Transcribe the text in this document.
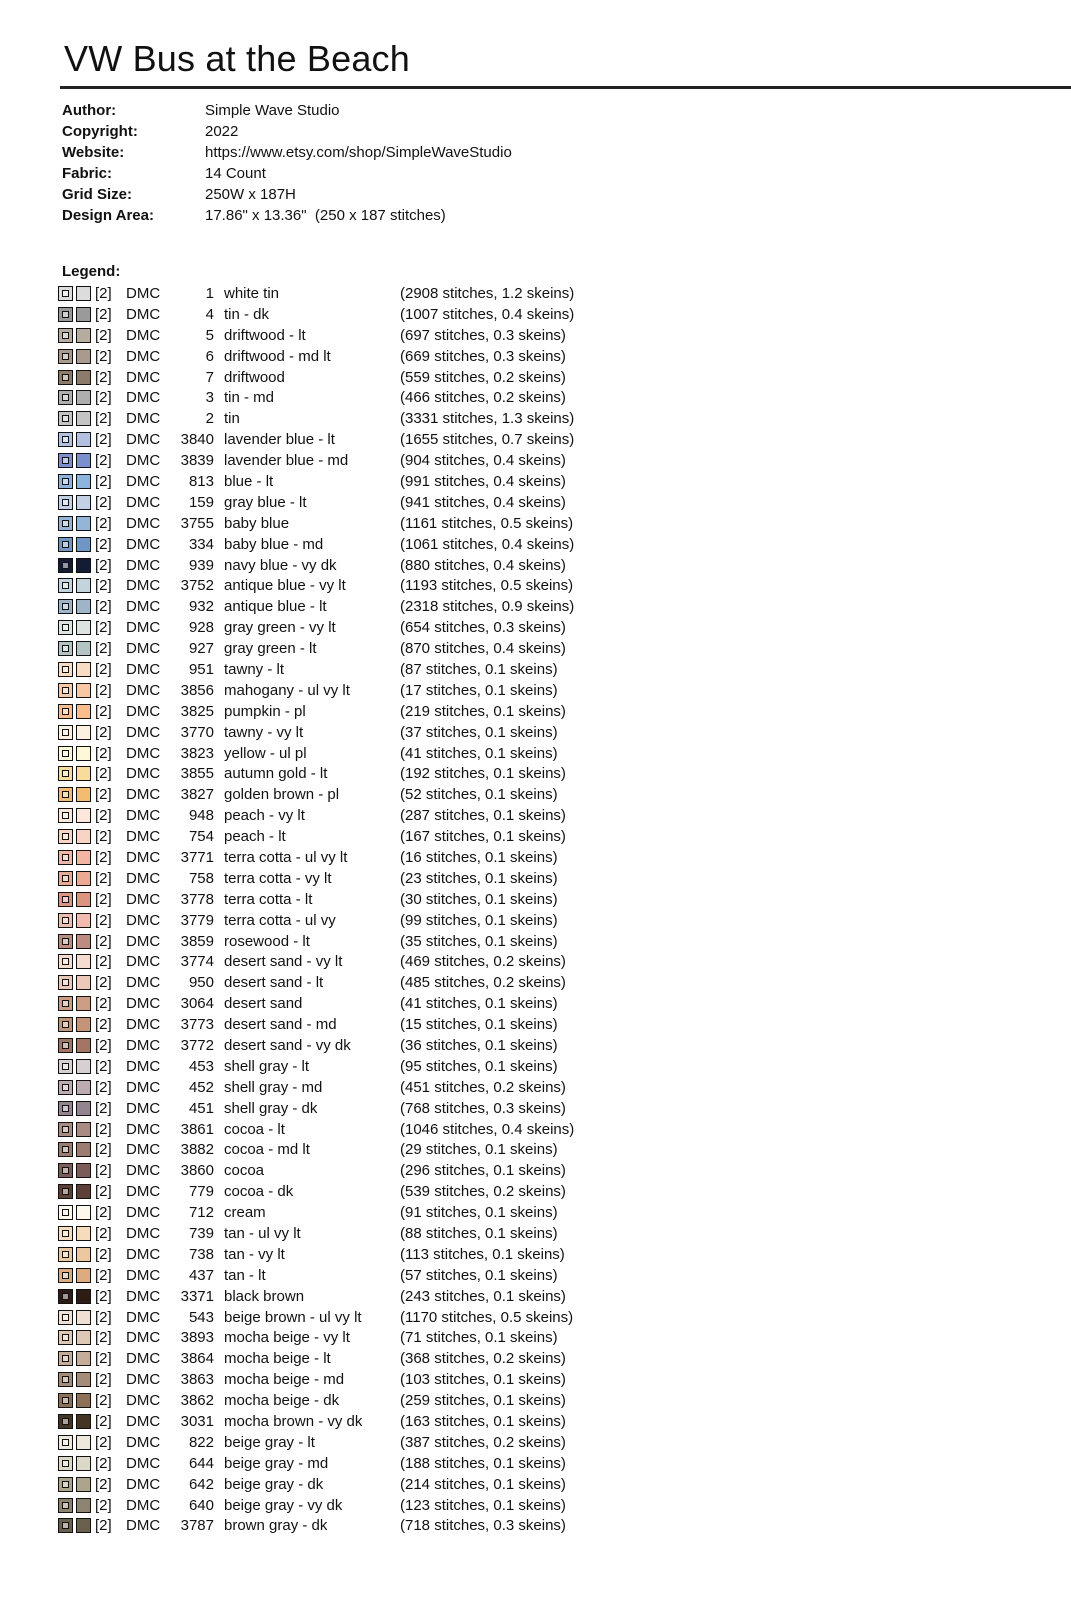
VW Bus at the Beach
Author:	Simple Wave Studio
Copyright:	2022
Website:	https://www.etsy.com/shop/SimpleWaveStudio
Fabric:	14 Count
Grid Size:	250W x 187H
Design Area:	17.86" x 13.36"  (250 x 187 stitches)
Legend:
[2] DMC	1 white tin	(2908 stitches, 1.2 skeins)
[2] DMC	4 tin - dk	(1007 stitches, 0.4 skeins)
[2] DMC	5 driftwood - lt	(697 stitches, 0.3 skeins)
[2] DMC	6 driftwood - md lt	(669 stitches, 0.3 skeins)
[2] DMC	7 driftwood	(559 stitches, 0.2 skeins)
[2] DMC	3 tin - md	(466 stitches, 0.2 skeins)
[2] DMC	2 tin	(3331 stitches, 1.3 skeins)
[2] DMC	3840 lavender blue - lt	(1655 stitches, 0.7 skeins)
[2] DMC	3839 lavender blue - md	(904 stitches, 0.4 skeins)
[2] DMC	813 blue - lt	(991 stitches, 0.4 skeins)
[2] DMC	159 gray blue - lt	(941 stitches, 0.4 skeins)
[2] DMC	3755 baby blue	(1161 stitches, 0.5 skeins)
[2] DMC	334 baby blue - md	(1061 stitches, 0.4 skeins)
[2] DMC	939 navy blue - vy dk	(880 stitches, 0.4 skeins)
[2] DMC	3752 antique blue - vy lt	(1193 stitches, 0.5 skeins)
[2] DMC	932 antique blue - lt	(2318 stitches, 0.9 skeins)
[2] DMC	928 gray green - vy lt	(654 stitches, 0.3 skeins)
[2] DMC	927 gray green - lt	(870 stitches, 0.4 skeins)
[2] DMC	951 tawny - lt	(87 stitches, 0.1 skeins)
[2] DMC	3856 mahogany - ul vy lt	(17 stitches, 0.1 skeins)
[2] DMC	3825 pumpkin - pl	(219 stitches, 0.1 skeins)
[2] DMC	3770 tawny - vy lt	(37 stitches, 0.1 skeins)
[2] DMC	3823 yellow - ul pl	(41 stitches, 0.1 skeins)
[2] DMC	3855 autumn gold - lt	(192 stitches, 0.1 skeins)
[2] DMC	3827 golden brown - pl	(52 stitches, 0.1 skeins)
[2] DMC	948 peach - vy lt	(287 stitches, 0.1 skeins)
[2] DMC	754 peach - lt	(167 stitches, 0.1 skeins)
[2] DMC	3771 terra cotta - ul vy lt	(16 stitches, 0.1 skeins)
[2] DMC	758 terra cotta - vy lt	(23 stitches, 0.1 skeins)
[2] DMC	3778 terra cotta - lt	(30 stitches, 0.1 skeins)
[2] DMC	3779 terra cotta - ul vy	(99 stitches, 0.1 skeins)
[2] DMC	3859 rosewood - lt	(35 stitches, 0.1 skeins)
[2] DMC	3774 desert sand - vy lt	(469 stitches, 0.2 skeins)
[2] DMC	950 desert sand - lt	(485 stitches, 0.2 skeins)
[2] DMC	3064 desert sand	(41 stitches, 0.1 skeins)
[2] DMC	3773 desert sand - md	(15 stitches, 0.1 skeins)
[2] DMC	3772 desert sand - vy dk	(36 stitches, 0.1 skeins)
[2] DMC	453 shell gray - lt	(95 stitches, 0.1 skeins)
[2] DMC	452 shell gray - md	(451 stitches, 0.2 skeins)
[2] DMC	451 shell gray - dk	(768 stitches, 0.3 skeins)
[2] DMC	3861 cocoa - lt	(1046 stitches, 0.4 skeins)
[2] DMC	3882 cocoa - md lt	(29 stitches, 0.1 skeins)
[2] DMC	3860 cocoa	(296 stitches, 0.1 skeins)
[2] DMC	779 cocoa - dk	(539 stitches, 0.2 skeins)
[2] DMC	712 cream	(91 stitches, 0.1 skeins)
[2] DMC	739 tan - ul vy lt	(88 stitches, 0.1 skeins)
[2] DMC	738 tan - vy lt	(113 stitches, 0.1 skeins)
[2] DMC	437 tan - lt	(57 stitches, 0.1 skeins)
[2] DMC	3371 black brown	(243 stitches, 0.1 skeins)
[2] DMC	543 beige brown - ul vy lt	(1170 stitches, 0.5 skeins)
[2] DMC	3893 mocha beige - vy lt	(71 stitches, 0.1 skeins)
[2] DMC	3864 mocha beige - lt	(368 stitches, 0.2 skeins)
[2] DMC	3863 mocha beige - md	(103 stitches, 0.1 skeins)
[2] DMC	3862 mocha beige - dk	(259 stitches, 0.1 skeins)
[2] DMC	3031 mocha brown - vy dk	(163 stitches, 0.1 skeins)
[2] DMC	822 beige gray - lt	(387 stitches, 0.2 skeins)
[2] DMC	644 beige gray - md	(188 stitches, 0.1 skeins)
[2] DMC	642 beige gray - dk	(214 stitches, 0.1 skeins)
[2] DMC	640 beige gray - vy dk	(123 stitches, 0.1 skeins)
[2] DMC	3787 brown gray - dk	(718 stitches, 0.3 skeins)
